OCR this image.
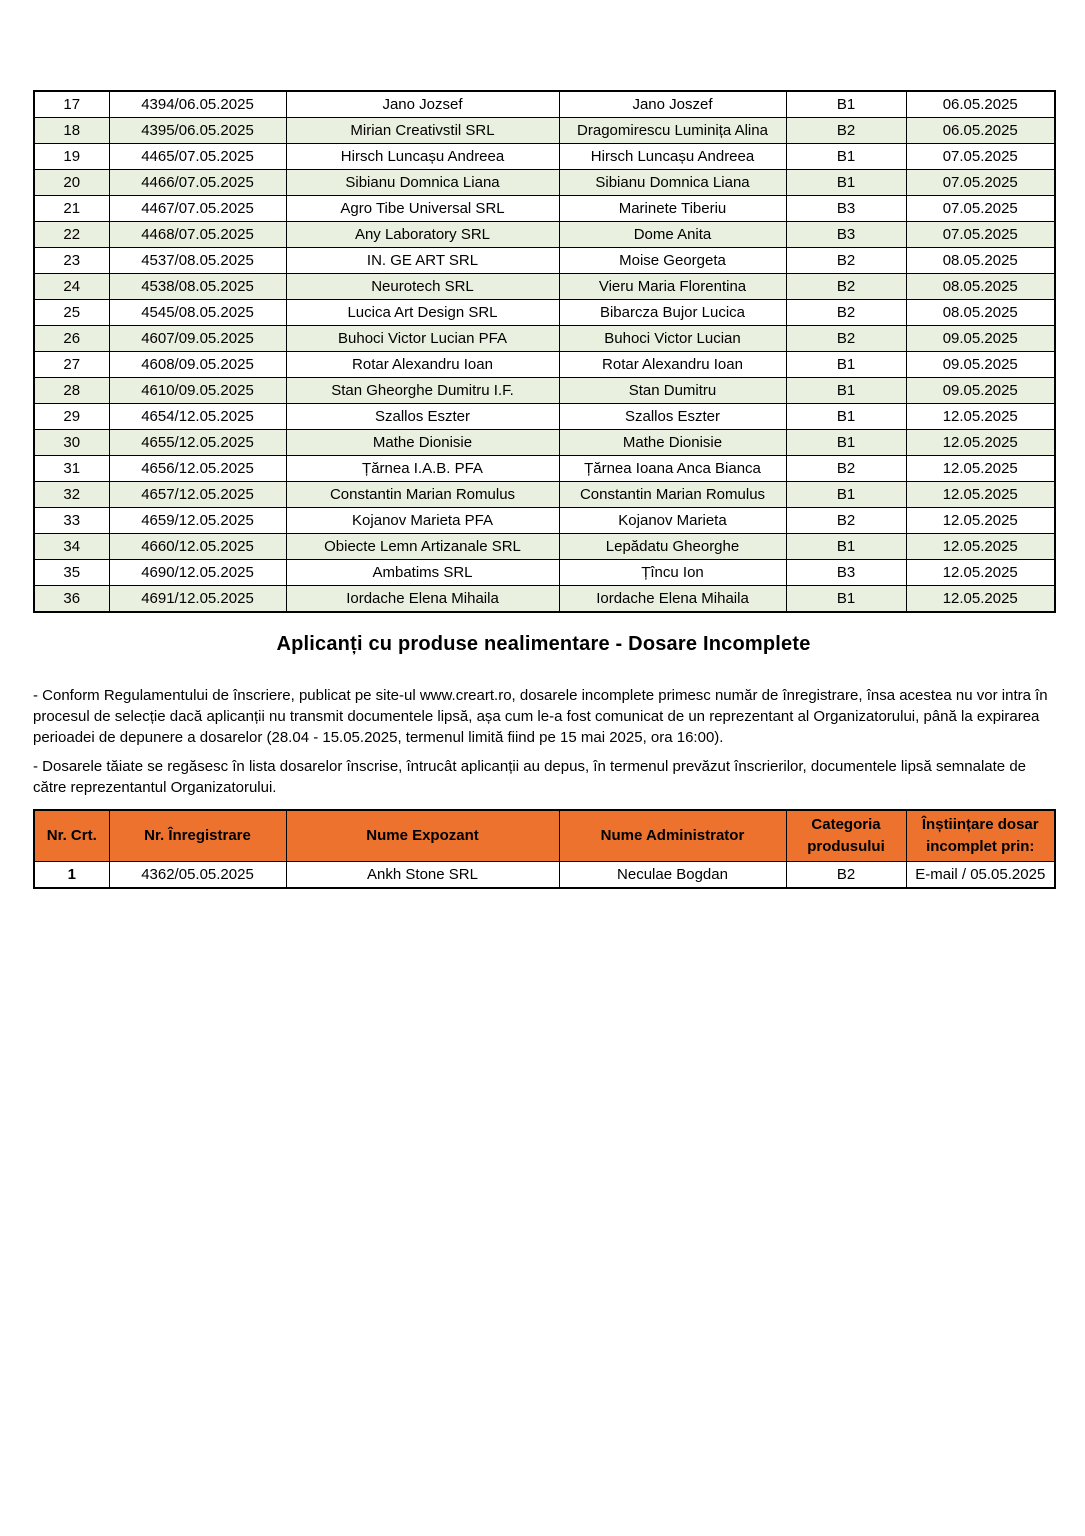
17	4394/06.05.2025	Jano Jozsef	Jano Joszef	B1	06.05.2025
18	4395/06.05.2025	Mirian Creativstil SRL	Dragomirescu Luminița Alina	B2	06.05.2025
19	4465/07.05.2025	Hirsch Luncașu Andreea	Hirsch Luncașu Andreea	B1	07.05.2025
20	4466/07.05.2025	Sibianu Domnica Liana	Sibianu Domnica Liana	B1	07.05.2025
21	4467/07.05.2025	Agro Tibe Universal SRL	Marinete Tiberiu	B3	07.05.2025
22	4468/07.05.2025	Any Laboratory SRL	Dome Anita	B3	07.05.2025
23	4537/08.05.2025	IN. GE ART SRL	Moise Georgeta	B2	08.05.2025
24	4538/08.05.2025	Neurotech SRL	Vieru Maria Florentina	B2	08.05.2025
25	4545/08.05.2025	Lucica Art Design SRL	Bibarcza Bujor Lucica	B2	08.05.2025
26	4607/09.05.2025	Buhoci Victor Lucian PFA	Buhoci Victor Lucian	B2	09.05.2025
27	4608/09.05.2025	Rotar Alexandru Ioan	Rotar Alexandru Ioan	B1	09.05.2025
28	4610/09.05.2025	Stan Gheorghe Dumitru I.F.	Stan Dumitru	B1	09.05.2025
29	4654/12.05.2025	Szallos Eszter	Szallos Eszter	B1	12.05.2025
30	4655/12.05.2025	Mathe Dionisie	Mathe Dionisie	B1	12.05.2025
31	4656/12.05.2025	Țărnea I.A.B. PFA	Țărnea Ioana Anca Bianca	B2	12.05.2025
32	4657/12.05.2025	Constantin Marian Romulus	Constantin Marian Romulus	B1	12.05.2025
33	4659/12.05.2025	Kojanov Marieta PFA	Kojanov Marieta	B2	12.05.2025
34	4660/12.05.2025	Obiecte Lemn Artizanale SRL	Lepădatu Gheorghe	B1	12.05.2025
35	4690/12.05.2025	Ambatims SRL	Țîncu Ion	B3	12.05.2025
36	4691/12.05.2025	Iordache Elena Mihaila	Iordache Elena Mihaila	B1	12.05.2025
Aplicanți cu produse nealimentare - Dosare Incomplete

- Conform Regulamentului de înscriere, publicat pe site-ul www.creart.ro, dosarele incomplete primesc număr de înregistrare, însa acestea nu vor intra în procesul de selecție dacă aplicanții nu transmit documentele lipsă, așa cum le-a fost comunicat de un reprezentant al Organizatorului, până la expirarea perioadei de depunere a dosarelor (28.04 - 15.05.2025, termenul limită fiind pe 15 mai 2025, ora 16:00).

- Dosarele tăiate se regăsesc în lista dosarelor înscrise, întrucât aplicanții au depus, în termenul prevăzut înscrierilor, documentele lipsă semnalate de către reprezentantul Organizatorului.

Nr. Crt.	Nr. Înregistrare	Nume Expozant	Nume Administrator	Categoria produsului	Înștiințare dosar incomplet prin:
1	4362/05.05.2025	Ankh Stone SRL	Neculae Bogdan	B2	E-mail / 05.05.2025
